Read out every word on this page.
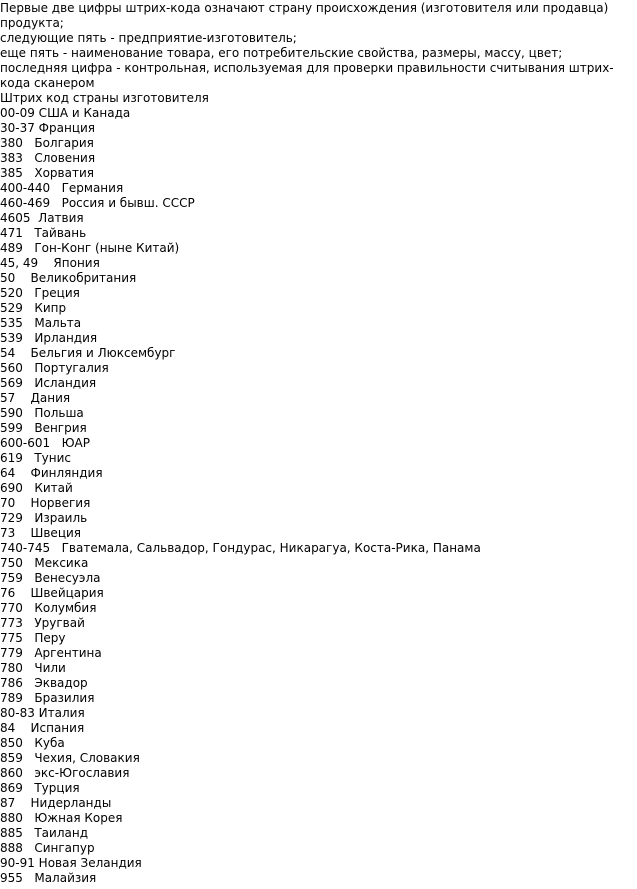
Первые две цифры штрих-кода означают страну происхождения (изготовителя или продавца) продукта;
следующие пять - предприятие-изготовитель;
еще пять - наименование товара, его потребительские свойства, размеры, массу, цвет;
последняя цифра - контрольная, используемая для проверки правильности считывания штрих-кода сканером
Штрих код страны изготовителя
00-09 США и Канада
30-37 Франция
380   Болгария
383   Словения
385   Хорватия
400-440   Германия
460-469   Россия и бывш. СССР
4605  Латвия
471   Тайвань
489   Гон-Конг (ныне Китай)
45, 49    Япония
50    Великобритания
520   Греция
529   Кипр
535   Мальта
539   Ирландия
54    Бельгия и Люксембург
560   Португалия
569   Исландия
57    Дания
590   Польша
599   Венгрия
600-601   ЮАР
619   Тунис
64    Финляндия
690   Китай
70    Норвегия
729   Израиль
73    Швеция
740-745   Гватемала, Сальвадор, Гондурас, Никарагуа, Коста-Рика, Панама
750   Мексика
759   Венесуэла
76    Швейцария
770   Колумбия
773   Уругвай
775   Перу
779   Аргентина
780   Чили
786   Эквадор
789   Бразилия
80-83 Италия
84    Испания
850   Куба
859   Чехия, Словакия
860   экс-Югославия
869   Турция
87    Нидерланды
880   Южная Корея
885   Таиланд
888   Сингапур
90-91 Новая Зеландия
955   Малайзия
